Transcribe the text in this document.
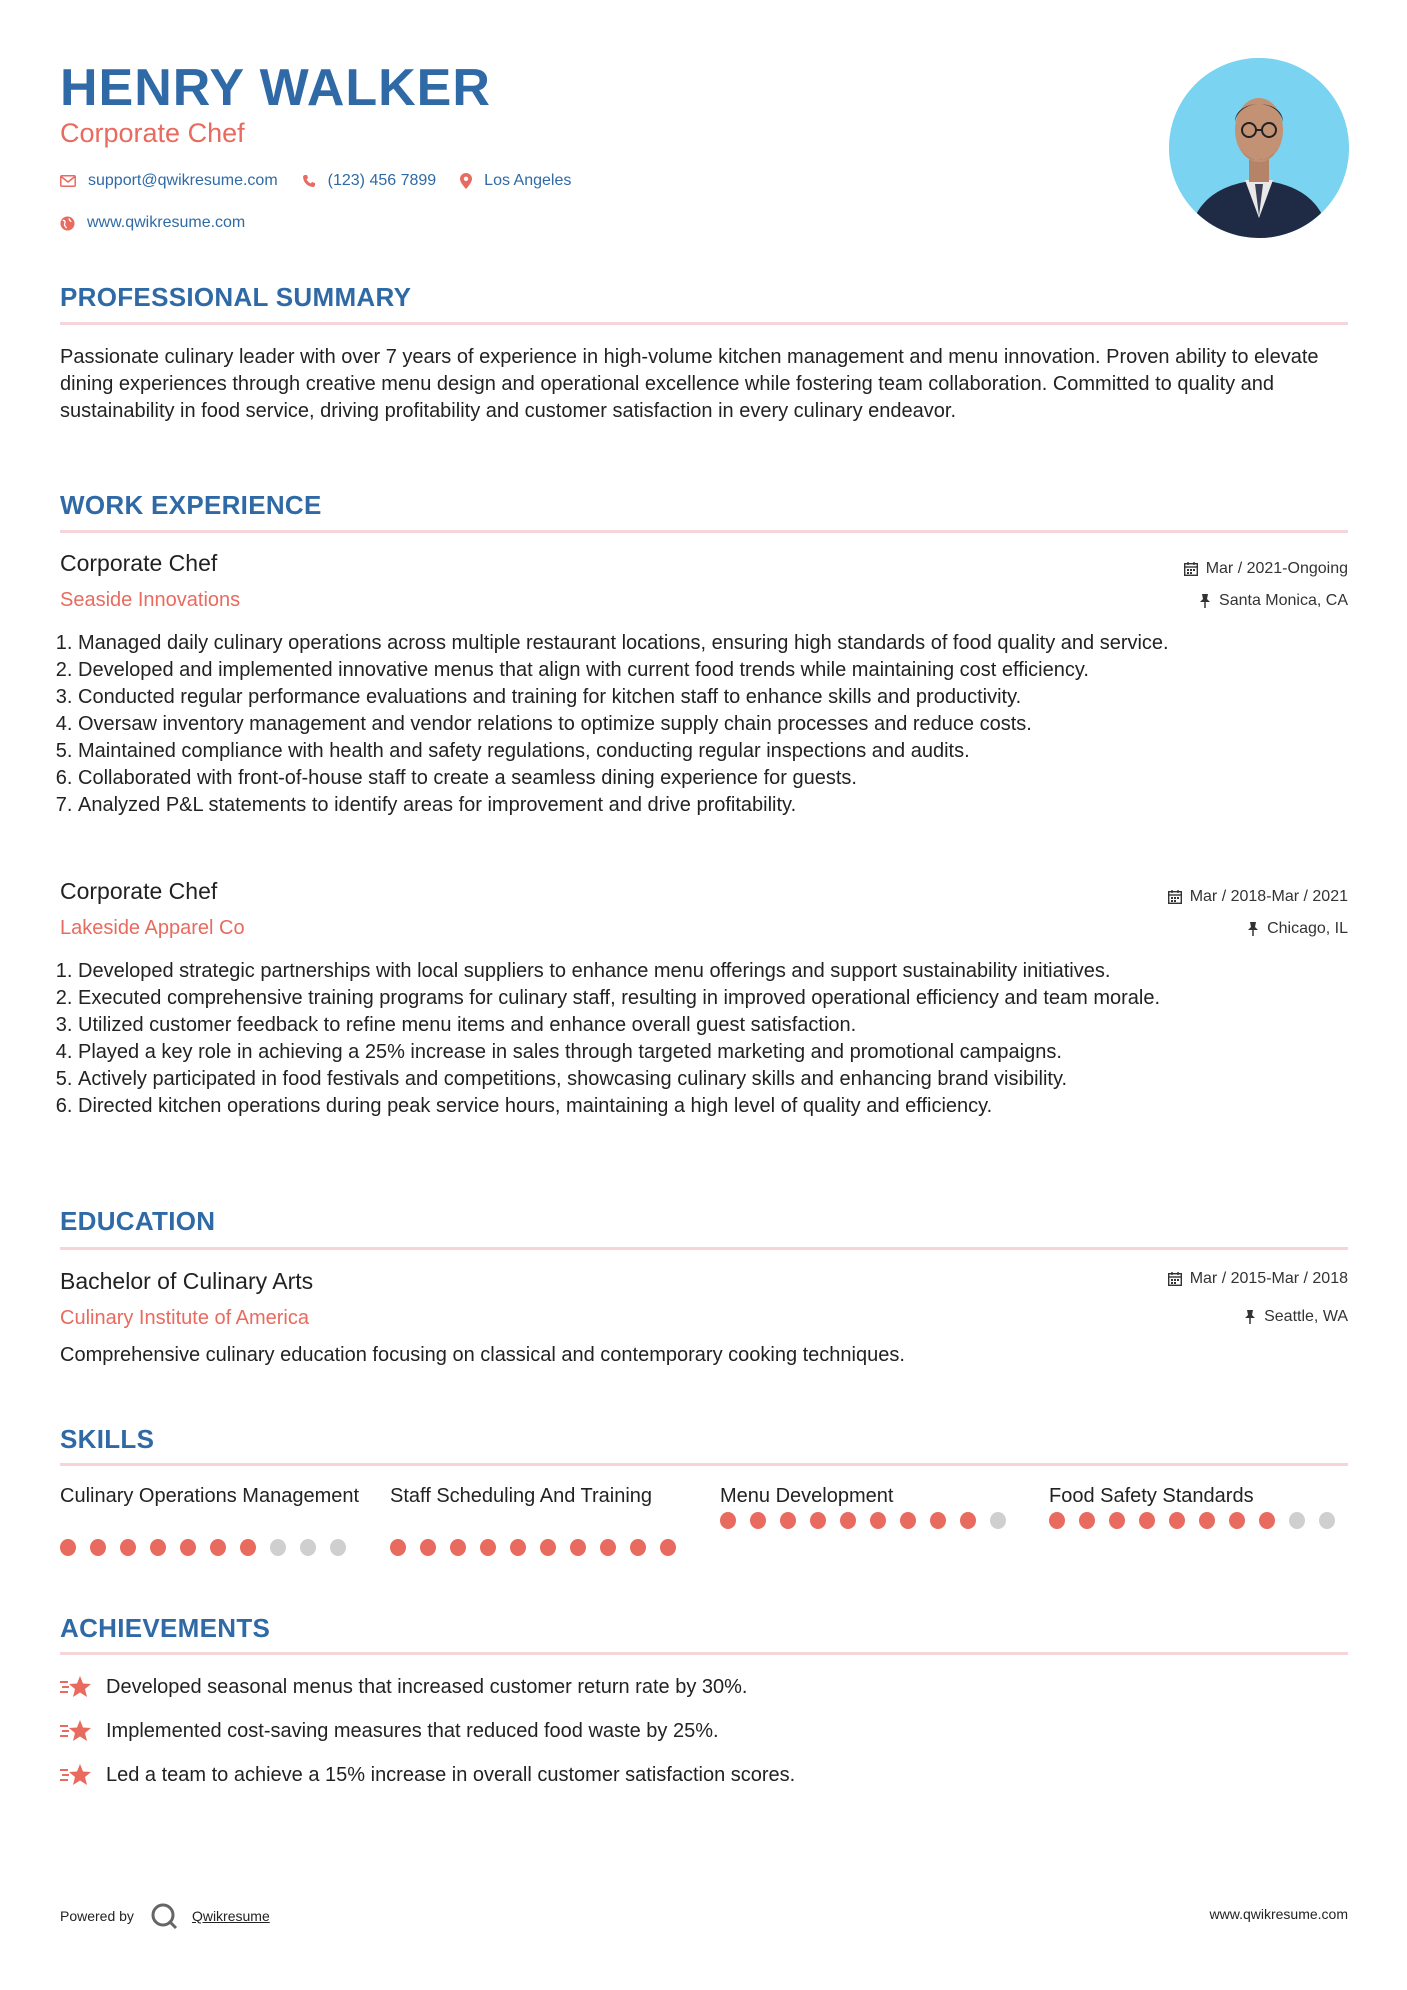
HENRY WALKER
Corporate Chef
support@qwikresume.com	(123) 456 7899	Los Angeles
www.qwikresume.com
PROFESSIONAL SUMMARY
Passionate culinary leader with over 7 years of experience in high-volume kitchen management and menu innovation. Proven ability to elevate dining experiences through creative menu design and operational excellence while fostering team collaboration. Committed to quality and sustainability in food service, driving profitability and customer satisfaction in every culinary endeavor.
WORK EXPERIENCE
Corporate Chef	Mar / 2021-Ongoing
Seaside Innovations	Santa Monica, CA
1. Managed daily culinary operations across multiple restaurant locations, ensuring high standards of food quality and service.
2. Developed and implemented innovative menus that align with current food trends while maintaining cost efficiency.
3. Conducted regular performance evaluations and training for kitchen staff to enhance skills and productivity.
4. Oversaw inventory management and vendor relations to optimize supply chain processes and reduce costs.
5. Maintained compliance with health and safety regulations, conducting regular inspections and audits.
6. Collaborated with front-of-house staff to create a seamless dining experience for guests.
7. Analyzed P&L statements to identify areas for improvement and drive profitability.
Corporate Chef	Mar / 2018-Mar / 2021
Lakeside Apparel Co	Chicago, IL
1. Developed strategic partnerships with local suppliers to enhance menu offerings and support sustainability initiatives.
2. Executed comprehensive training programs for culinary staff, resulting in improved operational efficiency and team morale.
3. Utilized customer feedback to refine menu items and enhance overall guest satisfaction.
4. Played a key role in achieving a 25% increase in sales through targeted marketing and promotional campaigns.
5. Actively participated in food festivals and competitions, showcasing culinary skills and enhancing brand visibility.
6. Directed kitchen operations during peak service hours, maintaining a high level of quality and efficiency.
EDUCATION
Bachelor of Culinary Arts	Mar / 2015-Mar / 2018
Culinary Institute of America	Seattle, WA
Comprehensive culinary education focusing on classical and contemporary cooking techniques.
SKILLS
Culinary Operations Management Staff Scheduling And Training	Menu Development	Food Safety Standards
ACHIEVEMENTS
Developed seasonal menus that increased customer return rate by 30%.
Implemented cost-saving measures that reduced food waste by 25%.
Led a team to achieve a 15% increase in overall customer satisfaction scores.
Powered by	Qwikresume	www.qwikresume.com
